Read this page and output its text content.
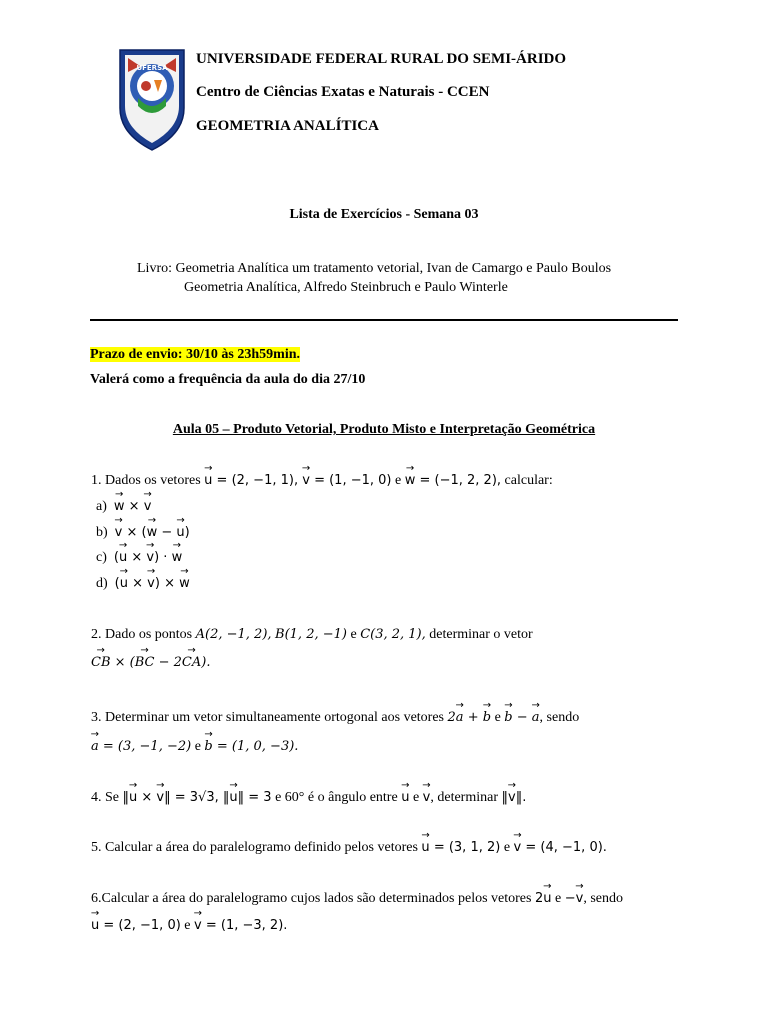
UFERSA
UNIVERSIDADE FEDERAL RURAL DO SEMI-ÁRIDO
Centro de Ciências Exatas e Naturais - CCEN
GEOMETRIA ANALÍTICA
Lista de Exercícios - Semana 03
Livro: Geometria Analítica um tratamento vetorial, Ivan de Camargo e Paulo Boulos
Geometria Analítica, Alfredo Steinbruch e Paulo Winterle
Prazo de envio: 30/10 às 23h59min.
Valerá como a frequência da aula do dia 27/10
Aula 05 – Produto Vetorial, Produto Misto e Interpretação Geométrica
1. Dados os vetores → u = (2, −1, 1), → v = (1, −1, 0) e → w = (−1, 2, 2), calcular:
a) → w × → v
b) → v × (→ w − → u)
c) (→ u × → v) · → w
d) (→ u × → v) × → w
2. Dado os pontos A(2, −1, 2), B(1, 2, −1) e C(3, 2, 1), determinar o vetor
→ CB × (→ BC − 2→ CA).
3. Determinar um vetor simultaneamente ortogonal aos vetores 2→ a + → b e → b − → a, sendo
→ a = (3, −1, −2) e → b = (1, 0, −3).
4. Se ‖→ u × → v‖ = 3√3, ‖→ u‖ = 3 e 60° é o ângulo entre → u e → v, determinar ‖→ v‖.
5. Calcular a área do paralelogramo definido pelos vetores → u = (3, 1, 2) e → v = (4, −1, 0).
6.Calcular a área do paralelogramo cujos lados são determinados pelos vetores 2→ u e −→ v, sendo
→ u = (2, −1, 0) e → v = (1, −3, 2).
